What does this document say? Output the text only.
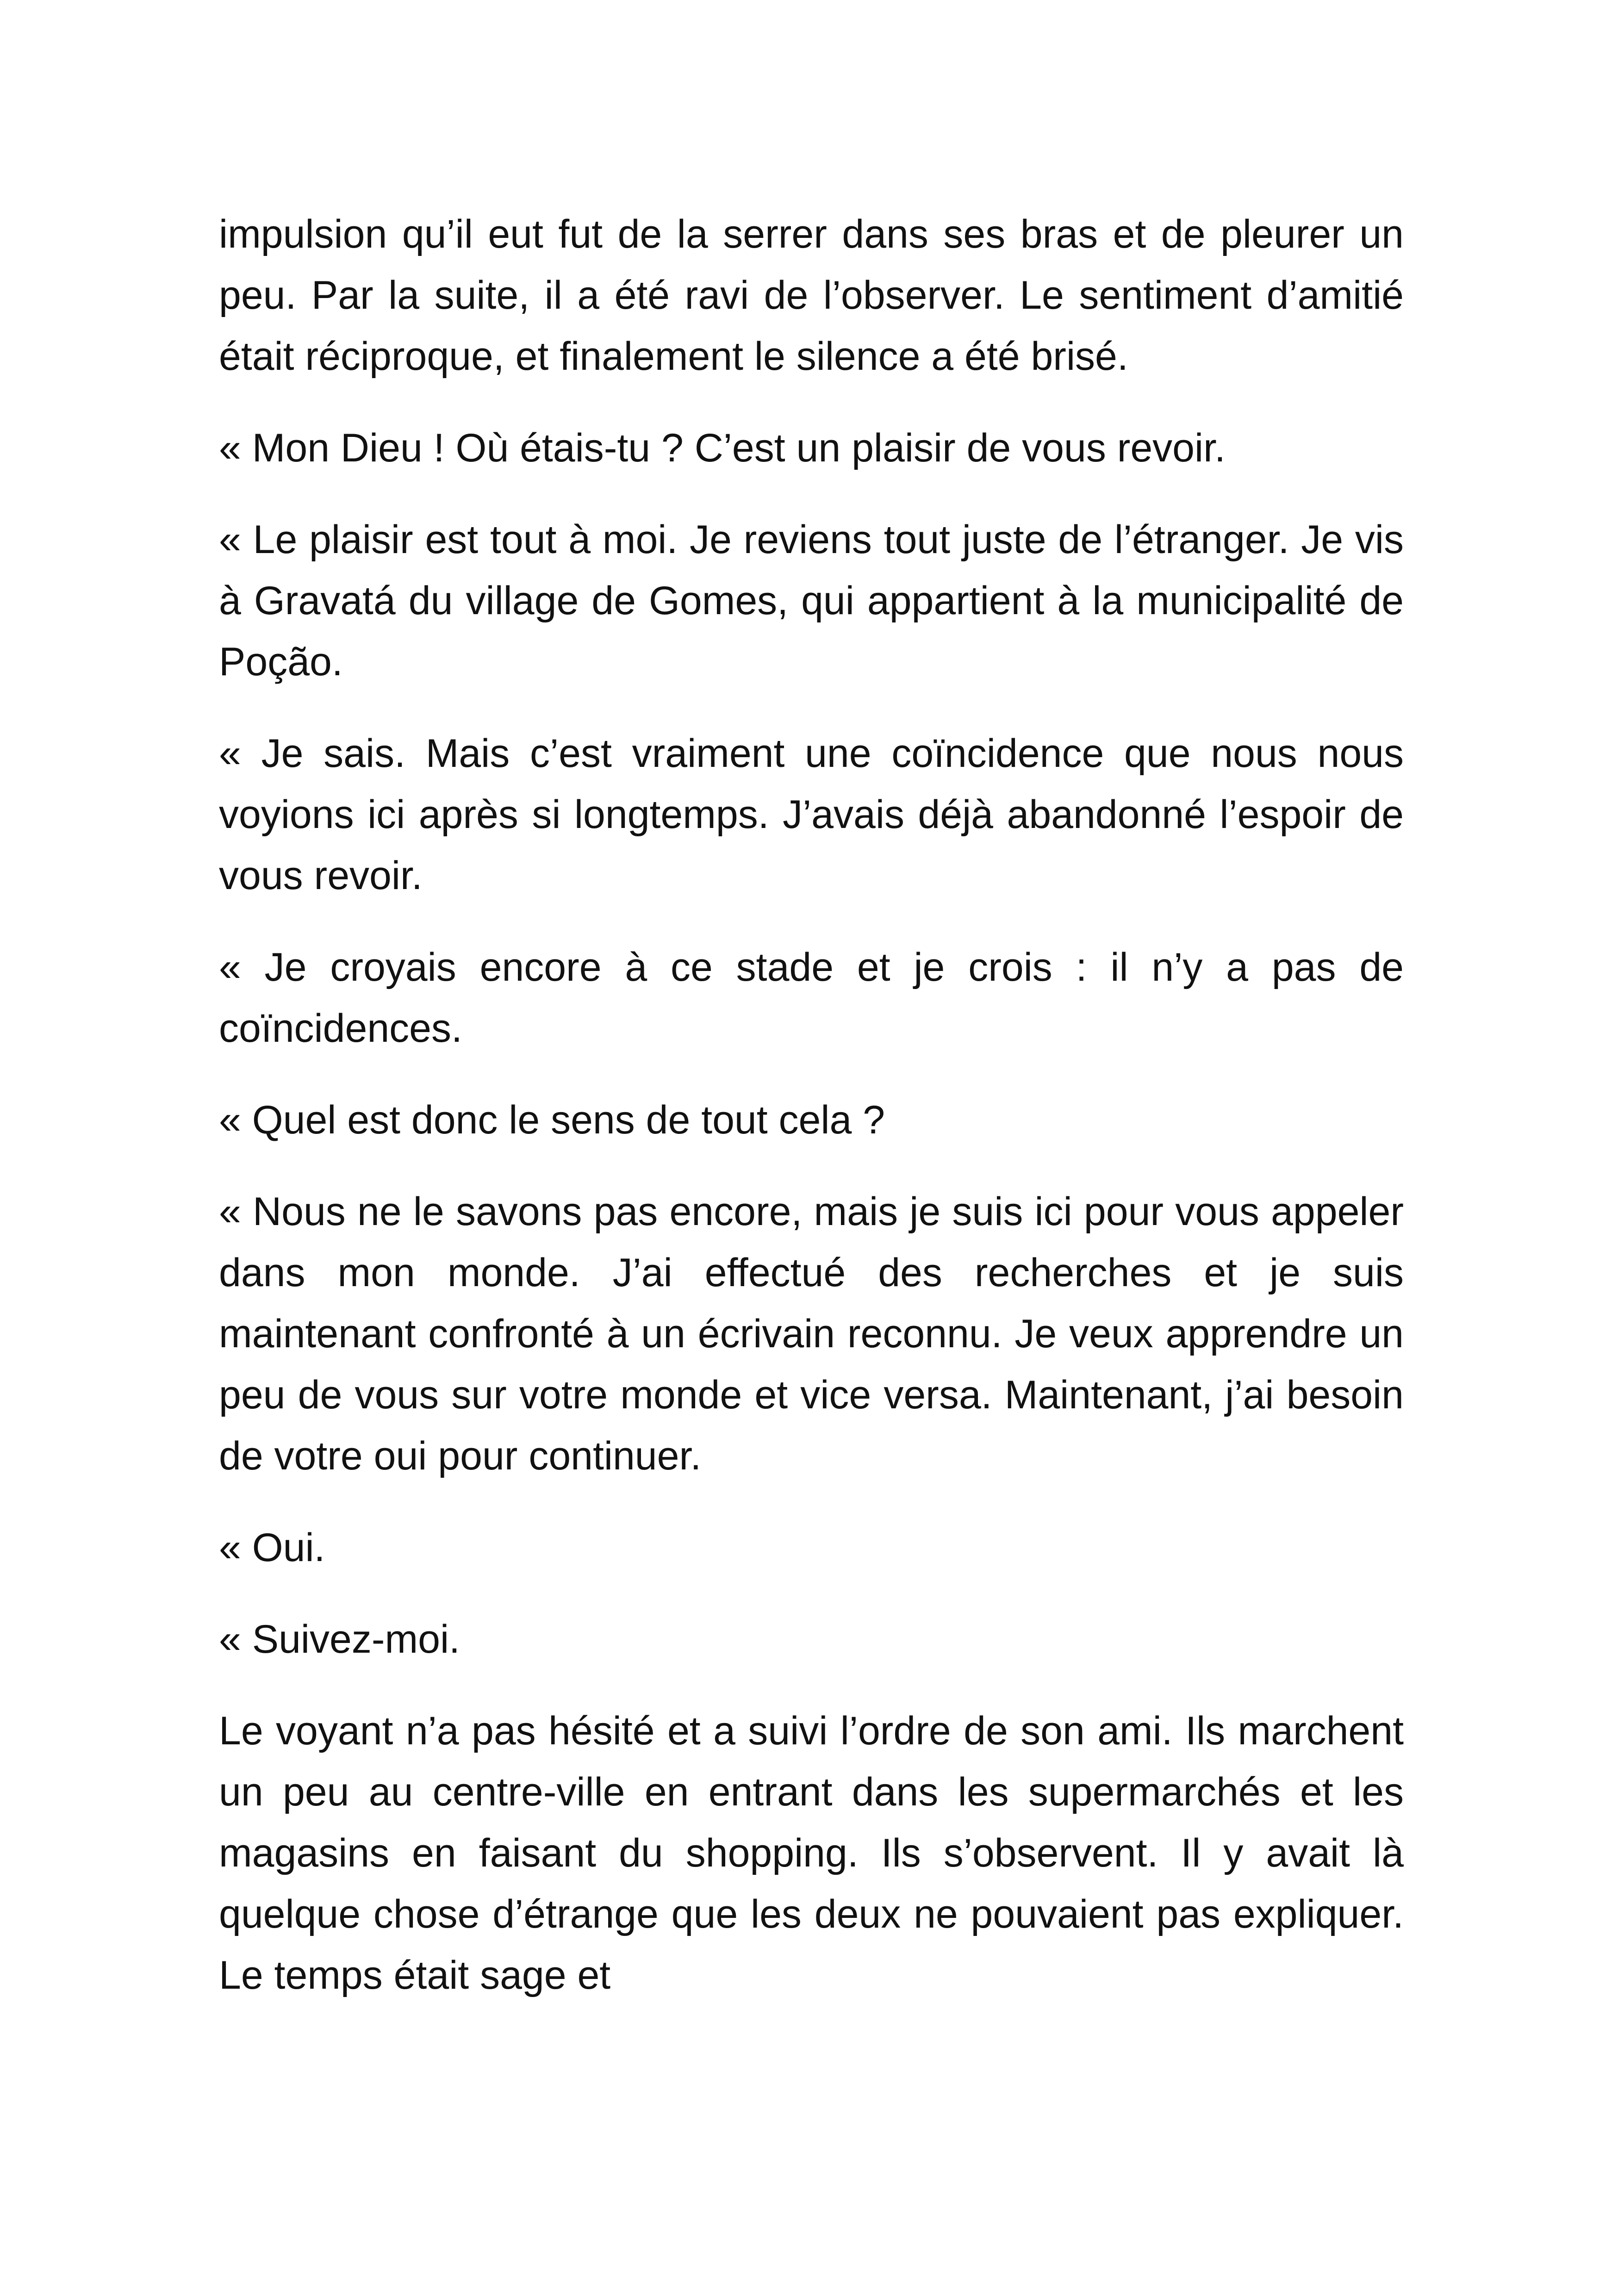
impulsion qu’il eut fut de la serrer dans ses bras et de pleurer un peu. Par la suite, il a été ravi de l’observer. Le sentiment d’amitié était réciproque, et finalement le silence a été brisé.

« Mon Dieu ! Où étais-tu ? C’est un plaisir de vous revoir.

« Le plaisir est tout à moi. Je reviens tout juste de l’étranger. Je vis à Gravatá du village de Gomes, qui appartient à la municipalité de Poção.

« Je sais. Mais c’est vraiment une coïncidence que nous nous voyions ici après si longtemps. J’avais déjà abandonné l’espoir de vous revoir.

« Je croyais encore à ce stade et je crois : il n’y a pas de coïncidences.

« Quel est donc le sens de tout cela ?

« Nous ne le savons pas encore, mais je suis ici pour vous appeler dans mon monde. J’ai effectué des recherches et je suis maintenant confronté à un écrivain reconnu. Je veux apprendre un peu de vous sur votre monde et vice versa. Maintenant, j’ai besoin de votre oui pour continuer.

« Oui.

« Suivez-moi.

Le voyant n’a pas hésité et a suivi l’ordre de son ami. Ils marchent un peu au centre-ville en entrant dans les supermarchés et les magasins en faisant du shopping. Ils s’observent. Il y avait là quelque chose d’étrange que les deux ne pouvaient pas expliquer. Le temps était sage et
